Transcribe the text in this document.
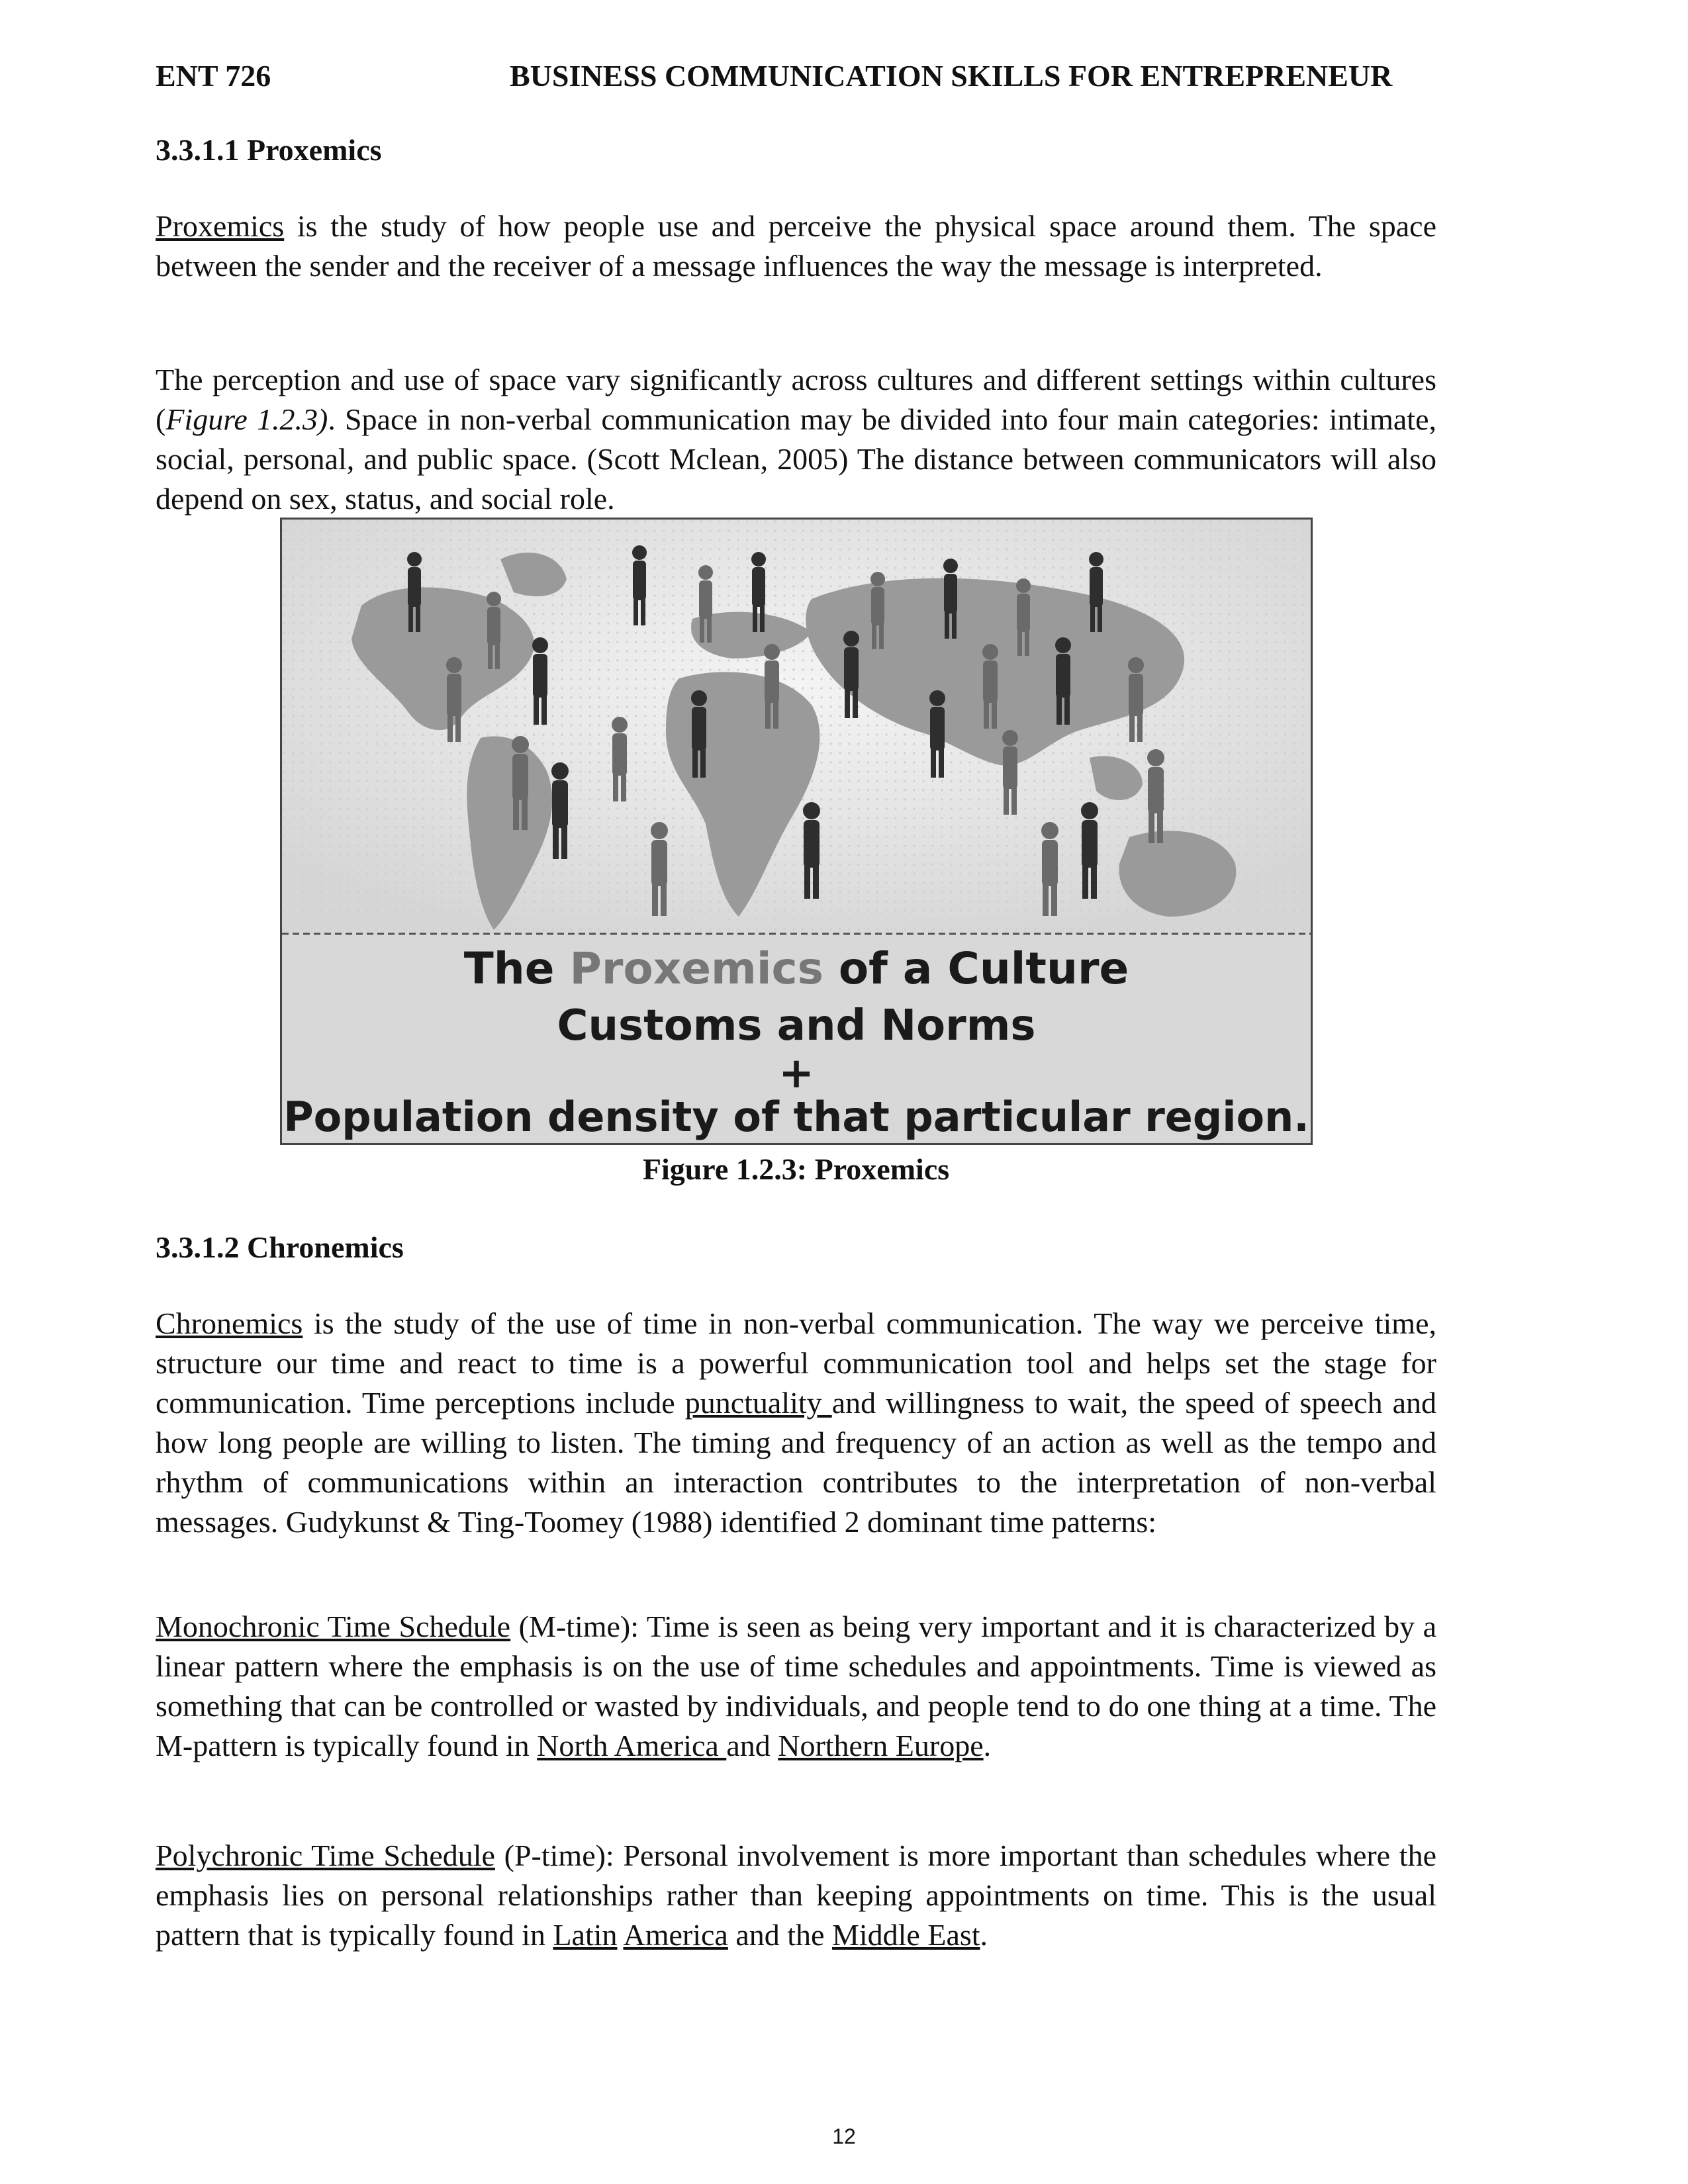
ENT 726	BUSINESS COMMUNICATION SKILLS FOR ENTREPRENEUR
3.3.1.1 Proxemics

Proxemics is the study of how people use and perceive the physical space around them. The space between the sender and the receiver of a message influences the way the message is interpreted.

The perception and use of space vary significantly across cultures and different settings within cultures (Figure 1.2.3). Space in non-verbal communication may be divided into four main categories: intimate, social, personal, and public space. (Scott Mclean, 2005) The distance between communicators will also depend on sex, status, and social role.

The Proxemics of a Culture
Customs and Norms
+
Population density of that particular region.
Figure 1.2.3: Proxemics
3.3.1.2 Chronemics

Chronemics is the study of the use of time in non-verbal communication. The way we perceive time, structure our time and react to time is a powerful communication tool and helps set the stage for communication. Time perceptions include punctuality and willingness to wait, the speed of speech and how long people are willing to listen. The timing and frequency of an action as well as the tempo and rhythm of communications within an interaction contributes to the interpretation of non-verbal messages. Gudykunst & Ting-Toomey (1988) identified 2 dominant time patterns:

Monochronic Time Schedule (M-time): Time is seen as being very important and it is characterized by a linear pattern where the emphasis is on the use of time schedules and appointments. Time is viewed as something that can be controlled or wasted by individuals, and people tend to do one thing at a time. The M-pattern is typically found in North America and Northern Europe.

Polychronic Time Schedule (P-time): Personal involvement is more important than schedules where the emphasis lies on personal relationships rather than keeping appointments on time. This is the usual pattern that is typically found in Latin America and the Middle East.

12
